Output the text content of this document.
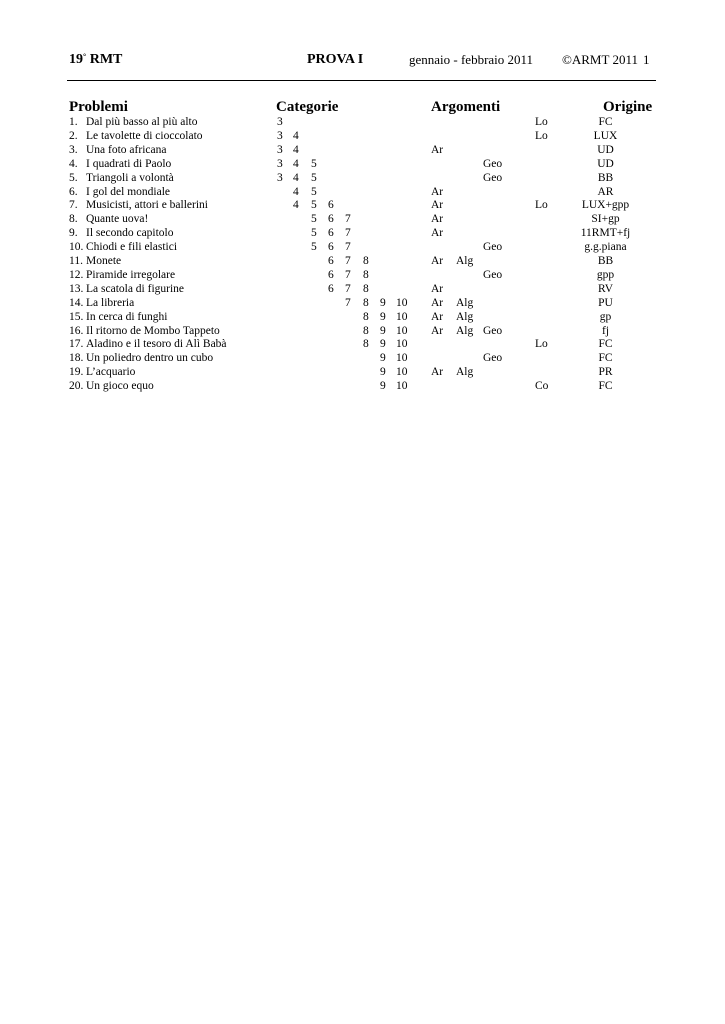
19° RMT	PROVA I	gennaio - febbraio 2011 ©ARMT 2011 1
Problemi	Categorie	Argomenti	Origine
1. Dal più basso al più alto	3	Lo	FC
2. Le tavolette di cioccolato	3 4	Lo	LUX
3. Una foto africana	3 4	Ar	UD
4. I quadrati di Paolo	3 4 5	Geo	UD
5. Triangoli a volontà	3 4 5	Geo	BB
6. I gol del mondiale	4 5	Ar	AR
7. Musicisti, attori e ballerini	4 5 6	Ar	Lo	LUX+gpp
8. Quante uova!	5 6 7	Ar	SI+gp
9. Il secondo capitolo	5 6 7	Ar	11RMT+fj
10. Chiodi e fili elastici	5 6 7	Geo	g.g.piana
11. Monete	6 7 8	Ar Alg	BB
12. Piramide irregolare	6 7 8	Geo	gpp
13. La scatola di figurine	6 7 8	Ar	RV
14. La libreria	7 8 9 10 Ar Alg	PU
15. In cerca di funghi	8 9 10 Ar Alg	gp
16. Il ritorno de Mombo Tappeto	8 9 10 Ar Alg Geo	fj
17. Aladino e il tesoro di Alì Babà	8 9 10	Lo	FC
18. Un poliedro dentro un cubo	9 10	Geo	FC
19. L’acquario	9 10 Ar Alg	PR
20. Un gioco equo	9 10	Co	FC
